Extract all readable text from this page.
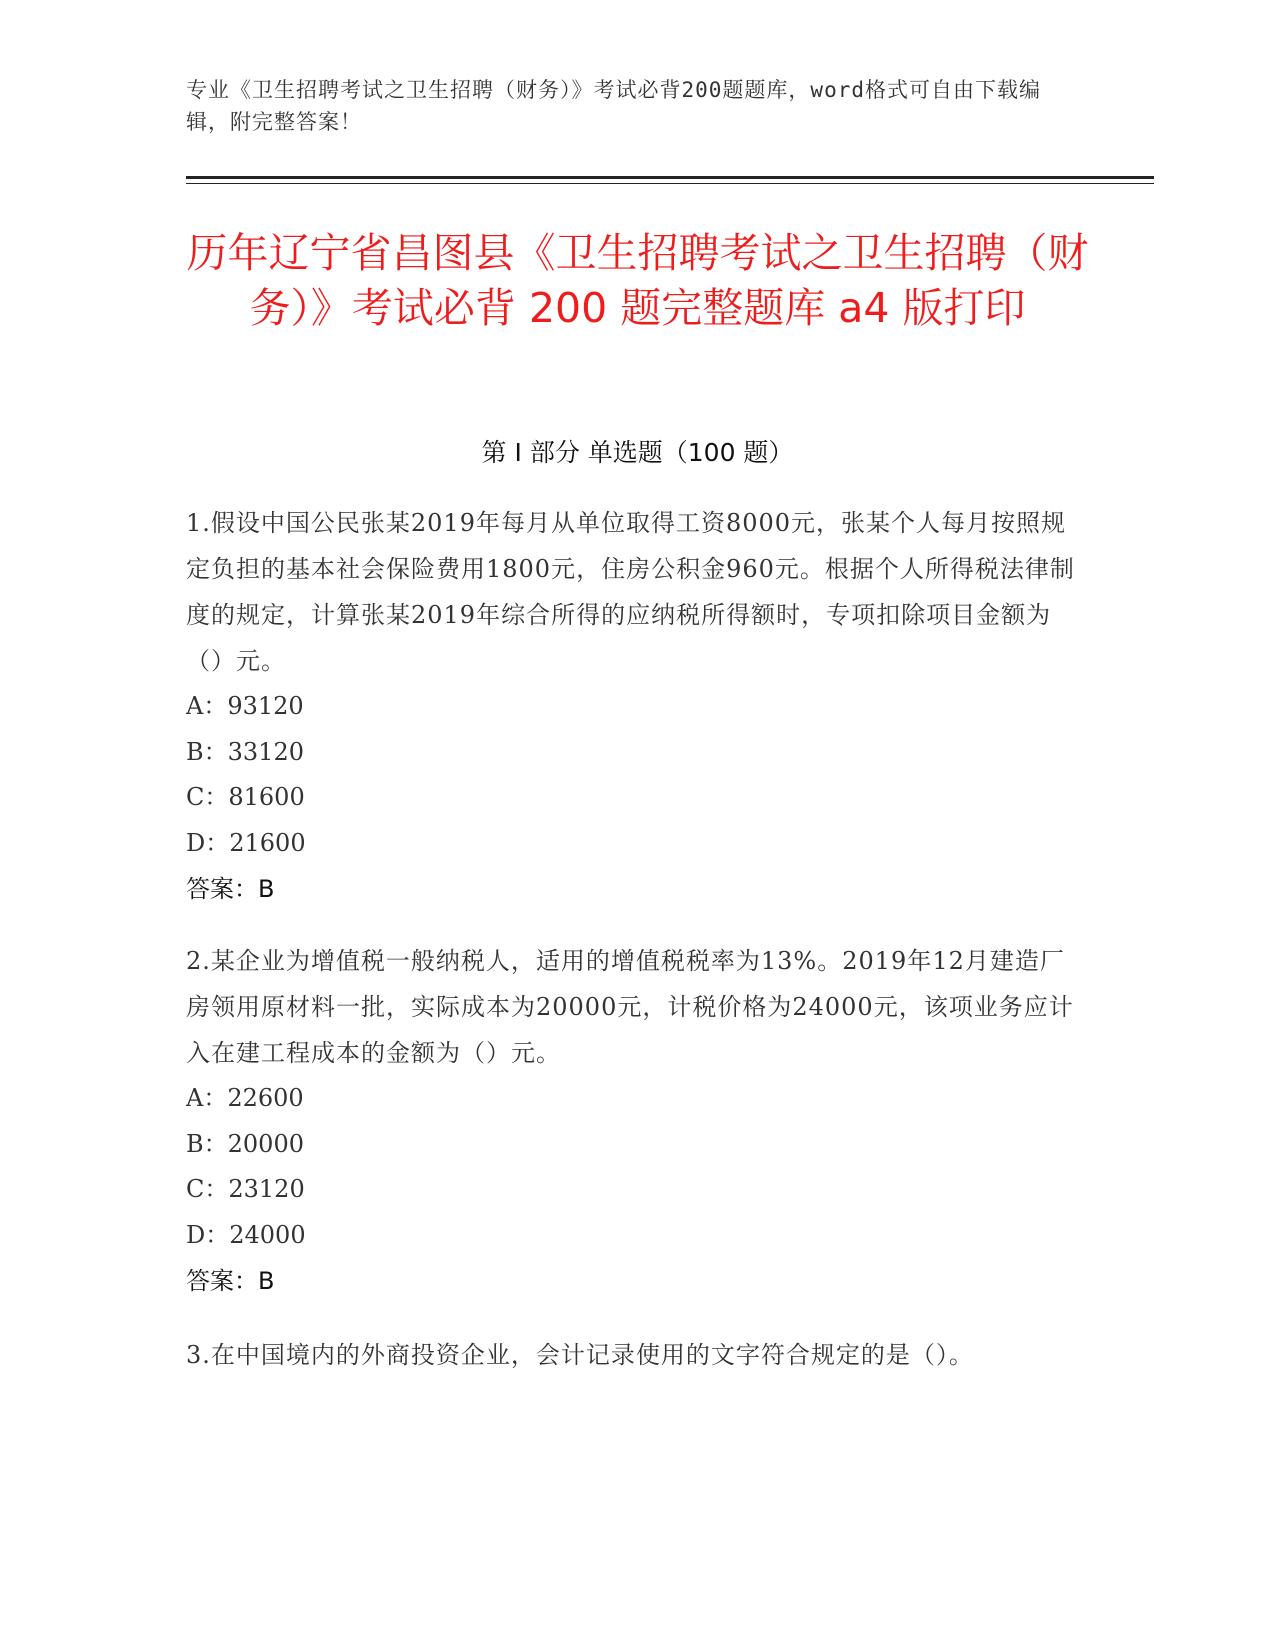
专业《卫生招聘考试之卫生招聘（财务）》考试必背200题题库，word格式可自由下载编辑，附完整答案！
历年辽宁省昌图县《卫生招聘考试之卫生招聘（财务）》考试必背 200 题完整题库 a4 版打印
第 I 部分 单选题（100 题）
1.假设中国公民张某2019年每月从单位取得工资8000元，张某个人每月按照规定负担的基本社会保险费用1800元，住房公积金960元。根据个人所得税法律制度的规定，计算张某2019年综合所得的应纳税所得额时，专项扣除项目金额为（）元。
A：93120
B：33120
C：81600
D：21600
答案：B
2.某企业为增值税一般纳税人，适用的增值税税率为13%。2019年12月建造厂房领用原材料一批，实际成本为20000元，计税价格为24000元，该项业务应计入在建工程成本的金额为（）元。
A：22600
B：20000
C：23120
D：24000
答案：B
3.在中国境内的外商投资企业，会计记录使用的文字符合规定的是（）。
